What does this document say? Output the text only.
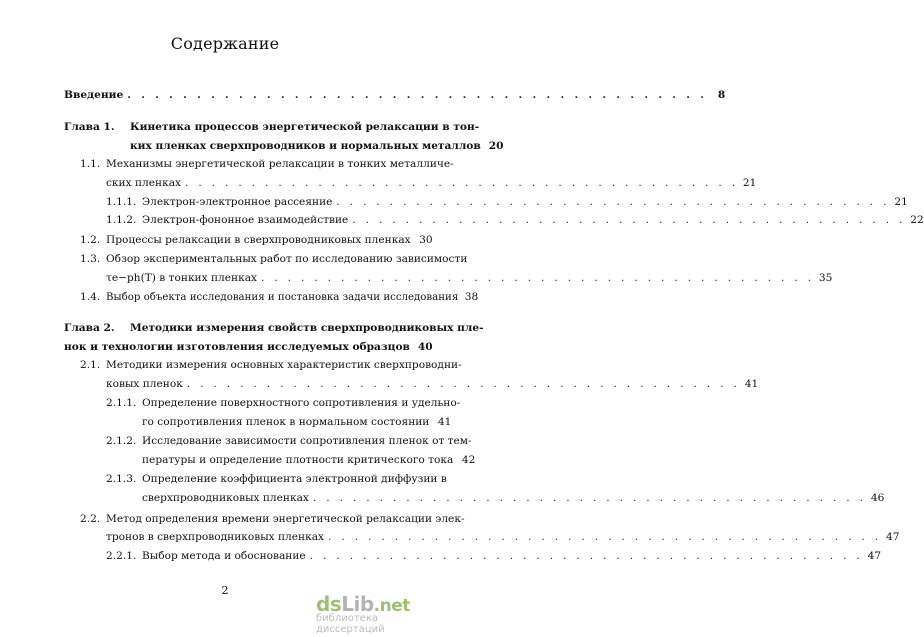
Содержание
Введение . . . . . . . . . . . . . . . . . . . . . . . . . . . . . . . . . . . . . . . . . .	8
Глава 1.	Кинетика процессов энергетической релаксации в тон-
ких пленках сверхпроводников и нормальных металлов 20
1.1. Механизмы энергетической релаксации в тонких металличе-
ских пленках . . . . . . . . . . . . . . . . . . . . . . . . . . . . . . . . . . . . . . . . . . 21
1.1.1. Электрон-электронное рассеяние . . . . . . . . . . . . . . . . . . . . . . . . . . . . . . . . . . . . . . . . . . 21
1.1.2. Электрон-фононное взаимодействие . . . . . . . . . . . . . . . . . . . . . . . . . . . . . . . . . . . . . . . . . . 22
1.2. Процессы релаксации в сверхпроводниковых пленках 30
1.3. Обзор экспериментальных работ по исследованию зависимости
τe−ph(T) в тонких пленках . . . . . . . . . . . . . . . . . . . . . . . . . . . . . . . . . . . . . . . . . . 35
1.4. Выбор объекта исследования и постановка задачи исследования 38
Глава 2.	Методики измерения свойств сверхпроводниковых пле-
нок и технологии изготовления исследуемых образцов 40
2.1. Методики измерения основных характеристик сверхпроводни-
ковых пленок . . . . . . . . . . . . . . . . . . . . . . . . . . . . . . . . . . . . . . . . . . 41
2.1.1. Определение поверхностного сопротивления и удельно-
го сопротивления пленок в нормальном состоянии 41
2.1.2. Исследование зависимости сопротивления пленок от тем-
пературы и определение плотности критического тока 42
2.1.3. Определение коэффициента электронной диффузии в
сверхпроводниковых пленках . . . . . . . . . . . . . . . . . . . . . . . . . . . . . . . . . . . . . . . . . . 46
2.2. Метод определения времени энергетической релаксации элек-
тронов в сверхпроводниковых пленках . . . . . . . . . . . . . . . . . . . . . . . . . . . . . . . . . . . . . . . . . . 47
2.2.1. Выбор метода и обоснование . . . . . . . . . . . . . . . . . . . . . . . . . . . . . . . . . . . . . . . . . . 47
2
dsLib.net
библиотека диссертаций
